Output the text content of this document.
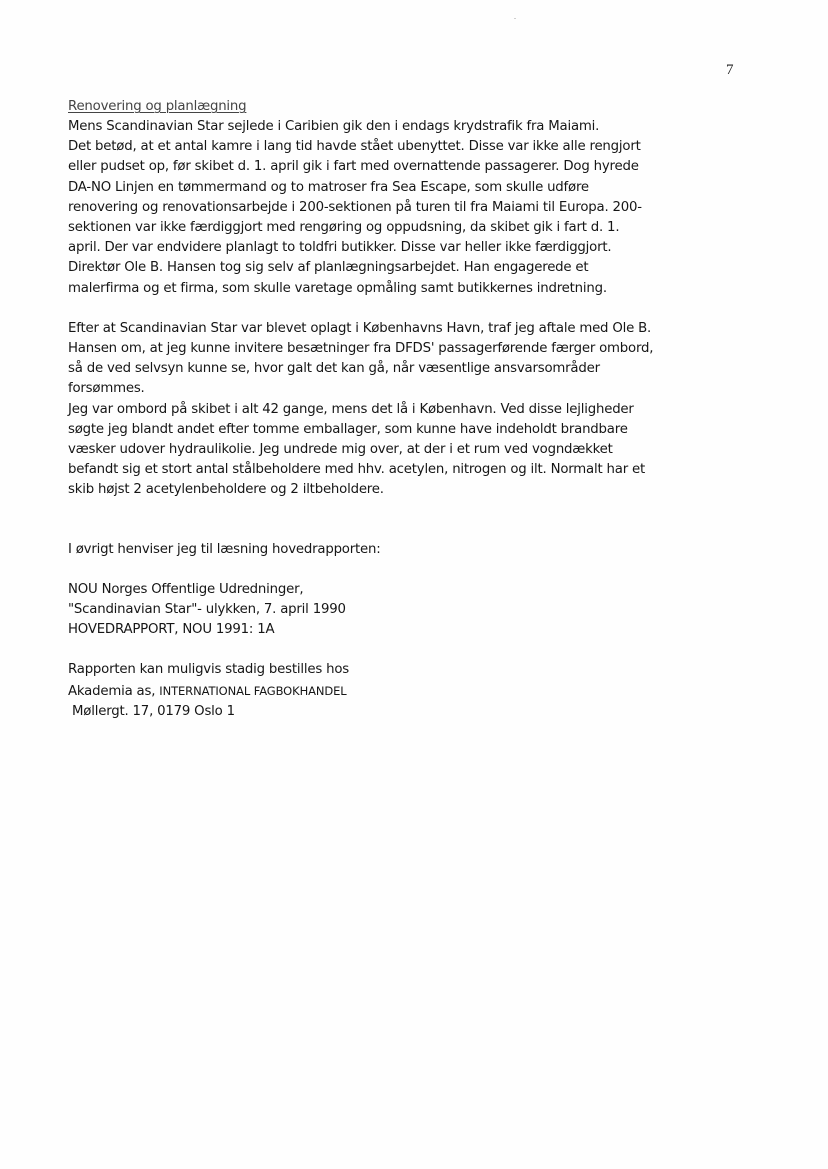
7

Renovering og planlægning

Mens Scandinavian Star sejlede i Caribien gik den i endags krydstrafik fra Maiami.
Det betød, at et antal kamre i lang tid havde stået ubenyttet. Disse var ikke alle rengjort
eller pudset op, før skibet d. 1. april gik i fart med overnattende passagerer. Dog hyrede
DA-NO Linjen en tømmermand og to matroser fra Sea Escape, som skulle udføre
renovering og renovationsarbejde i 200-sektionen på turen til fra Maiami til Europa. 200-
sektionen var ikke færdiggjort med rengøring og oppudsning, da skibet gik i fart d. 1.
april. Der var endvidere planlagt to toldfri butikker. Disse var heller ikke færdiggjort.
Direktør Ole B. Hansen tog sig selv af planlægningsarbejdet. Han engagerede et
malerfirma og et firma, som skulle varetage opmåling samt butikkernes indretning.
Efter at Scandinavian Star var blevet oplagt i Københavns Havn, traf jeg aftale med Ole B.
Hansen om, at jeg kunne invitere besætninger fra DFDS' passagerførende færger ombord,
så de ved selvsyn kunne se, hvor galt det kan gå, når væsentlige ansvarsområder
forsømmes.
Jeg var ombord på skibet i alt 42 gange, mens det lå i København. Ved disse lejligheder
søgte jeg blandt andet efter tomme emballager, som kunne have indeholdt brandbare
væsker udover hydraulikolie. Jeg undrede mig over, at der i et rum ved vogndækket
befandt sig et stort antal stålbeholdere med hhv. acetylen, nitrogen og ilt. Normalt har et
skib højst 2 acetylenbeholdere og 2 iltbeholdere.
I øvrigt henviser jeg til læsning hovedrapporten:
NOU Norges Offentlige Udredninger,
"Scandinavian Star"- ulykken, 7. april 1990
HOVEDRAPPORT, NOU 1991: 1A
Rapporten kan muligvis stadig bestilles hos
Akademia as, INTERNATIONAL FAGBOKHANDEL
Møllergt. 17, 0179 Oslo 1
